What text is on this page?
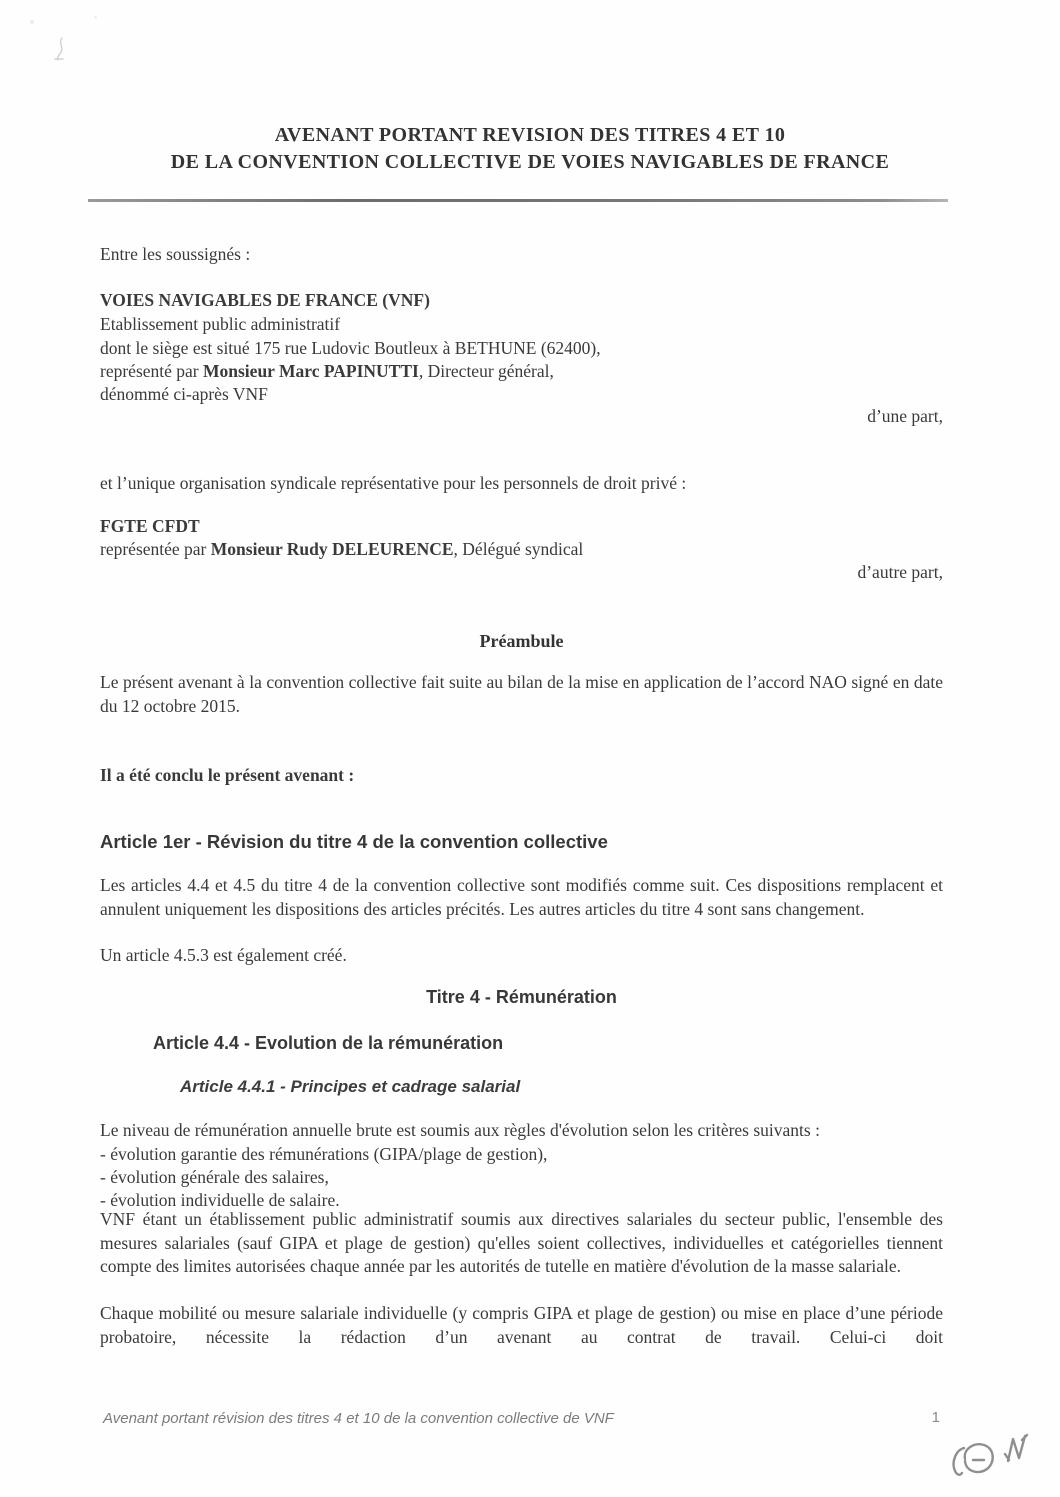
AVENANT PORTANT REVISION DES TITRES 4 ET 10
DE LA CONVENTION COLLECTIVE DE VOIES NAVIGABLES DE FRANCE
Entre les soussignés :
VOIES NAVIGABLES DE FRANCE (VNF)
Etablissement public administratif
dont le siège est situé 175 rue Ludovic Boutleux à BETHUNE (62400),
représenté par Monsieur Marc PAPINUTTI, Directeur général,
dénommé ci-après VNF
d’une part,
et l’unique organisation syndicale représentative pour les personnels de droit privé :
FGTE CFDT
représentée par Monsieur Rudy DELEURENCE, Délégué syndical
d’autre part,
Préambule
Le présent avenant à la convention collective fait suite au bilan de la mise en application de l’accord NAO signé en date du 12 octobre 2015.
Il a été conclu le présent avenant :
Article 1er - Révision du titre 4 de la convention collective
Les articles 4.4 et 4.5 du titre 4 de la convention collective sont modifiés comme suit. Ces dispositions remplacent et annulent uniquement les dispositions des articles précités. Les autres articles du titre 4 sont sans changement.
Un article 4.5.3 est également créé.
Titre 4 - Rémunération
Article 4.4 - Evolution de la rémunération
Article 4.4.1 - Principes et cadrage salarial
Le niveau de rémunération annuelle brute est soumis aux règles d'évolution selon les critères suivants :
- évolution garantie des rémunérations (GIPA/plage de gestion),
- évolution générale des salaires,
- évolution individuelle de salaire.
VNF étant un établissement public administratif soumis aux directives salariales du secteur public, l'ensemble des mesures salariales (sauf GIPA et plage de gestion) qu'elles soient collectives, individuelles et catégorielles tiennent compte des limites autorisées chaque année par les autorités de tutelle en matière d'évolution de la masse salariale.
Chaque mobilité ou mesure salariale individuelle (y compris GIPA et plage de gestion) ou mise en place d’une période probatoire, nécessite la rédaction d’un avenant au contrat de travail. Celui-ci doit
Avenant portant révision des titres 4 et 10 de la convention collective de VNF	1
